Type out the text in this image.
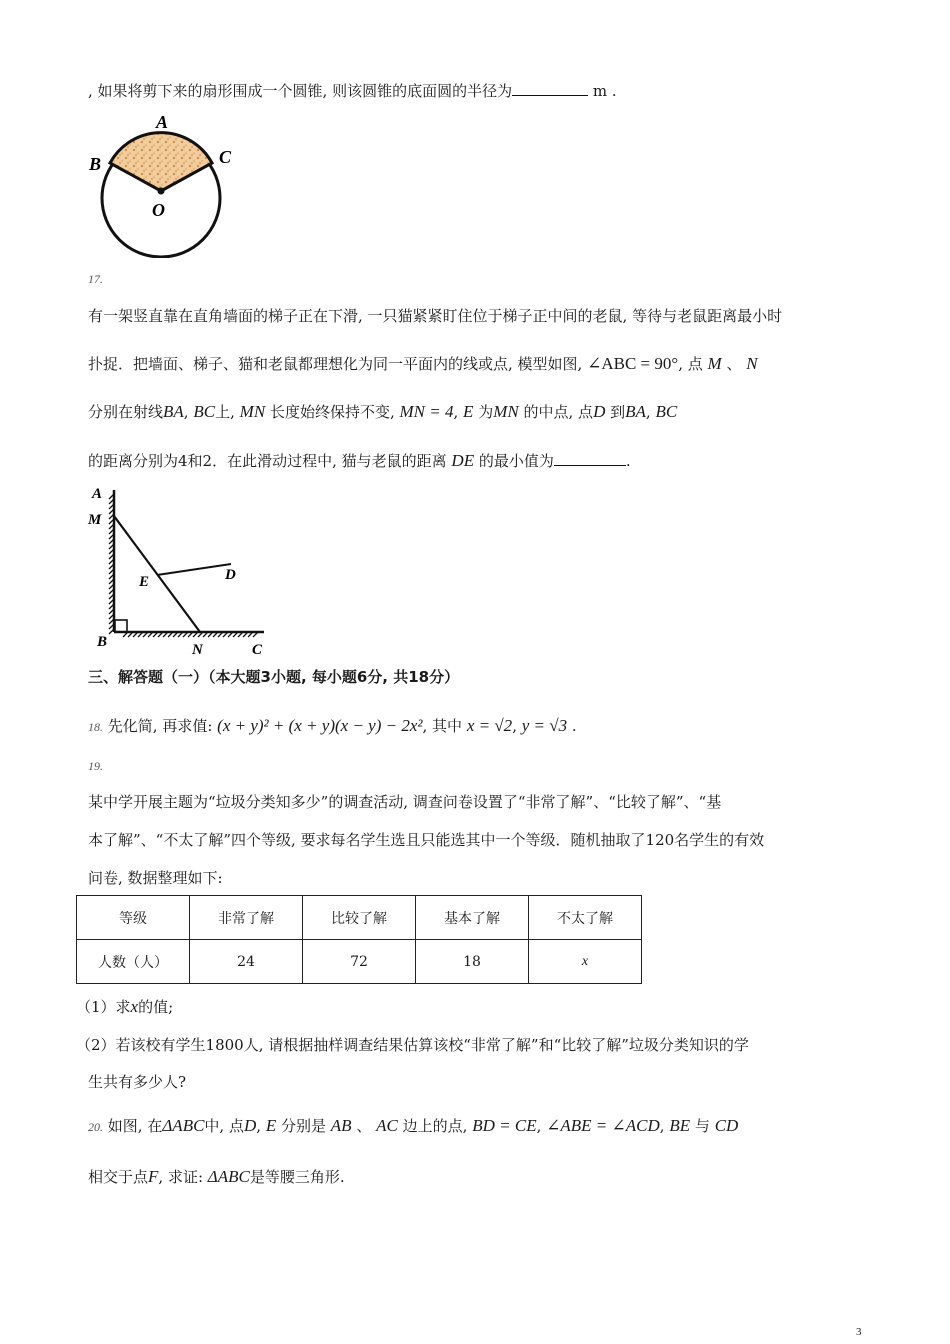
, 如果将剪下来的扇形围成一个圆锥, 则该圆锥的底面圆的半径为	m .
A
B	C
O
17.
有一架竖直靠在直角墙面的梯子正在下滑, 一只猫紧紧盯住位于梯子正中间的老鼠, 等待与老鼠距离最小时
扑捉．把墙面、梯子、猫和老鼠都理想化为同一平面内的线或点, 模型如图, ∠ABC = 90°, 点 M 、 N
分别在射线BA, BC上, MN 长度始终保持不变, MN = 4, E 为MN 的中点, 点D 到BA, BC
的距离分别为4和2．在此滑动过程中, 猫与老鼠的距离 DE 的最小值为	.
A
M
E	D
B	N	C
三、解答题（一）（本大题3小题, 每小题6分, 共18分）
18. 先化简, 再求值: (x + y)² + (x + y)(x − y) − 2x², 其中 x = √2, y = √3 .
19.
某中学开展主题为“垃圾分类知多少”的调查活动, 调查问卷设置了“非常了解”、“比较了解”、“基
本了解”、“不太了解”四个等级, 要求每名学生选且只能选其中一个等级．随机抽取了120名学生的有效
问卷, 数据整理如下:
等级	非常了解	比较了解	基本了解	不太了解
人数（人）	24	72	18	x
（1）求x的值;
（2）若该校有学生1800人, 请根据抽样调查结果估算该校“非常了解”和“比较了解”垃圾分类知识的学
生共有多少人?
20. 如图, 在ΔABC中, 点D, E 分别是 AB 、 AC 边上的点, BD = CE, ∠ABE = ∠ACD, BE 与 CD
相交于点F, 求证: ΔABC是等腰三角形.
3
